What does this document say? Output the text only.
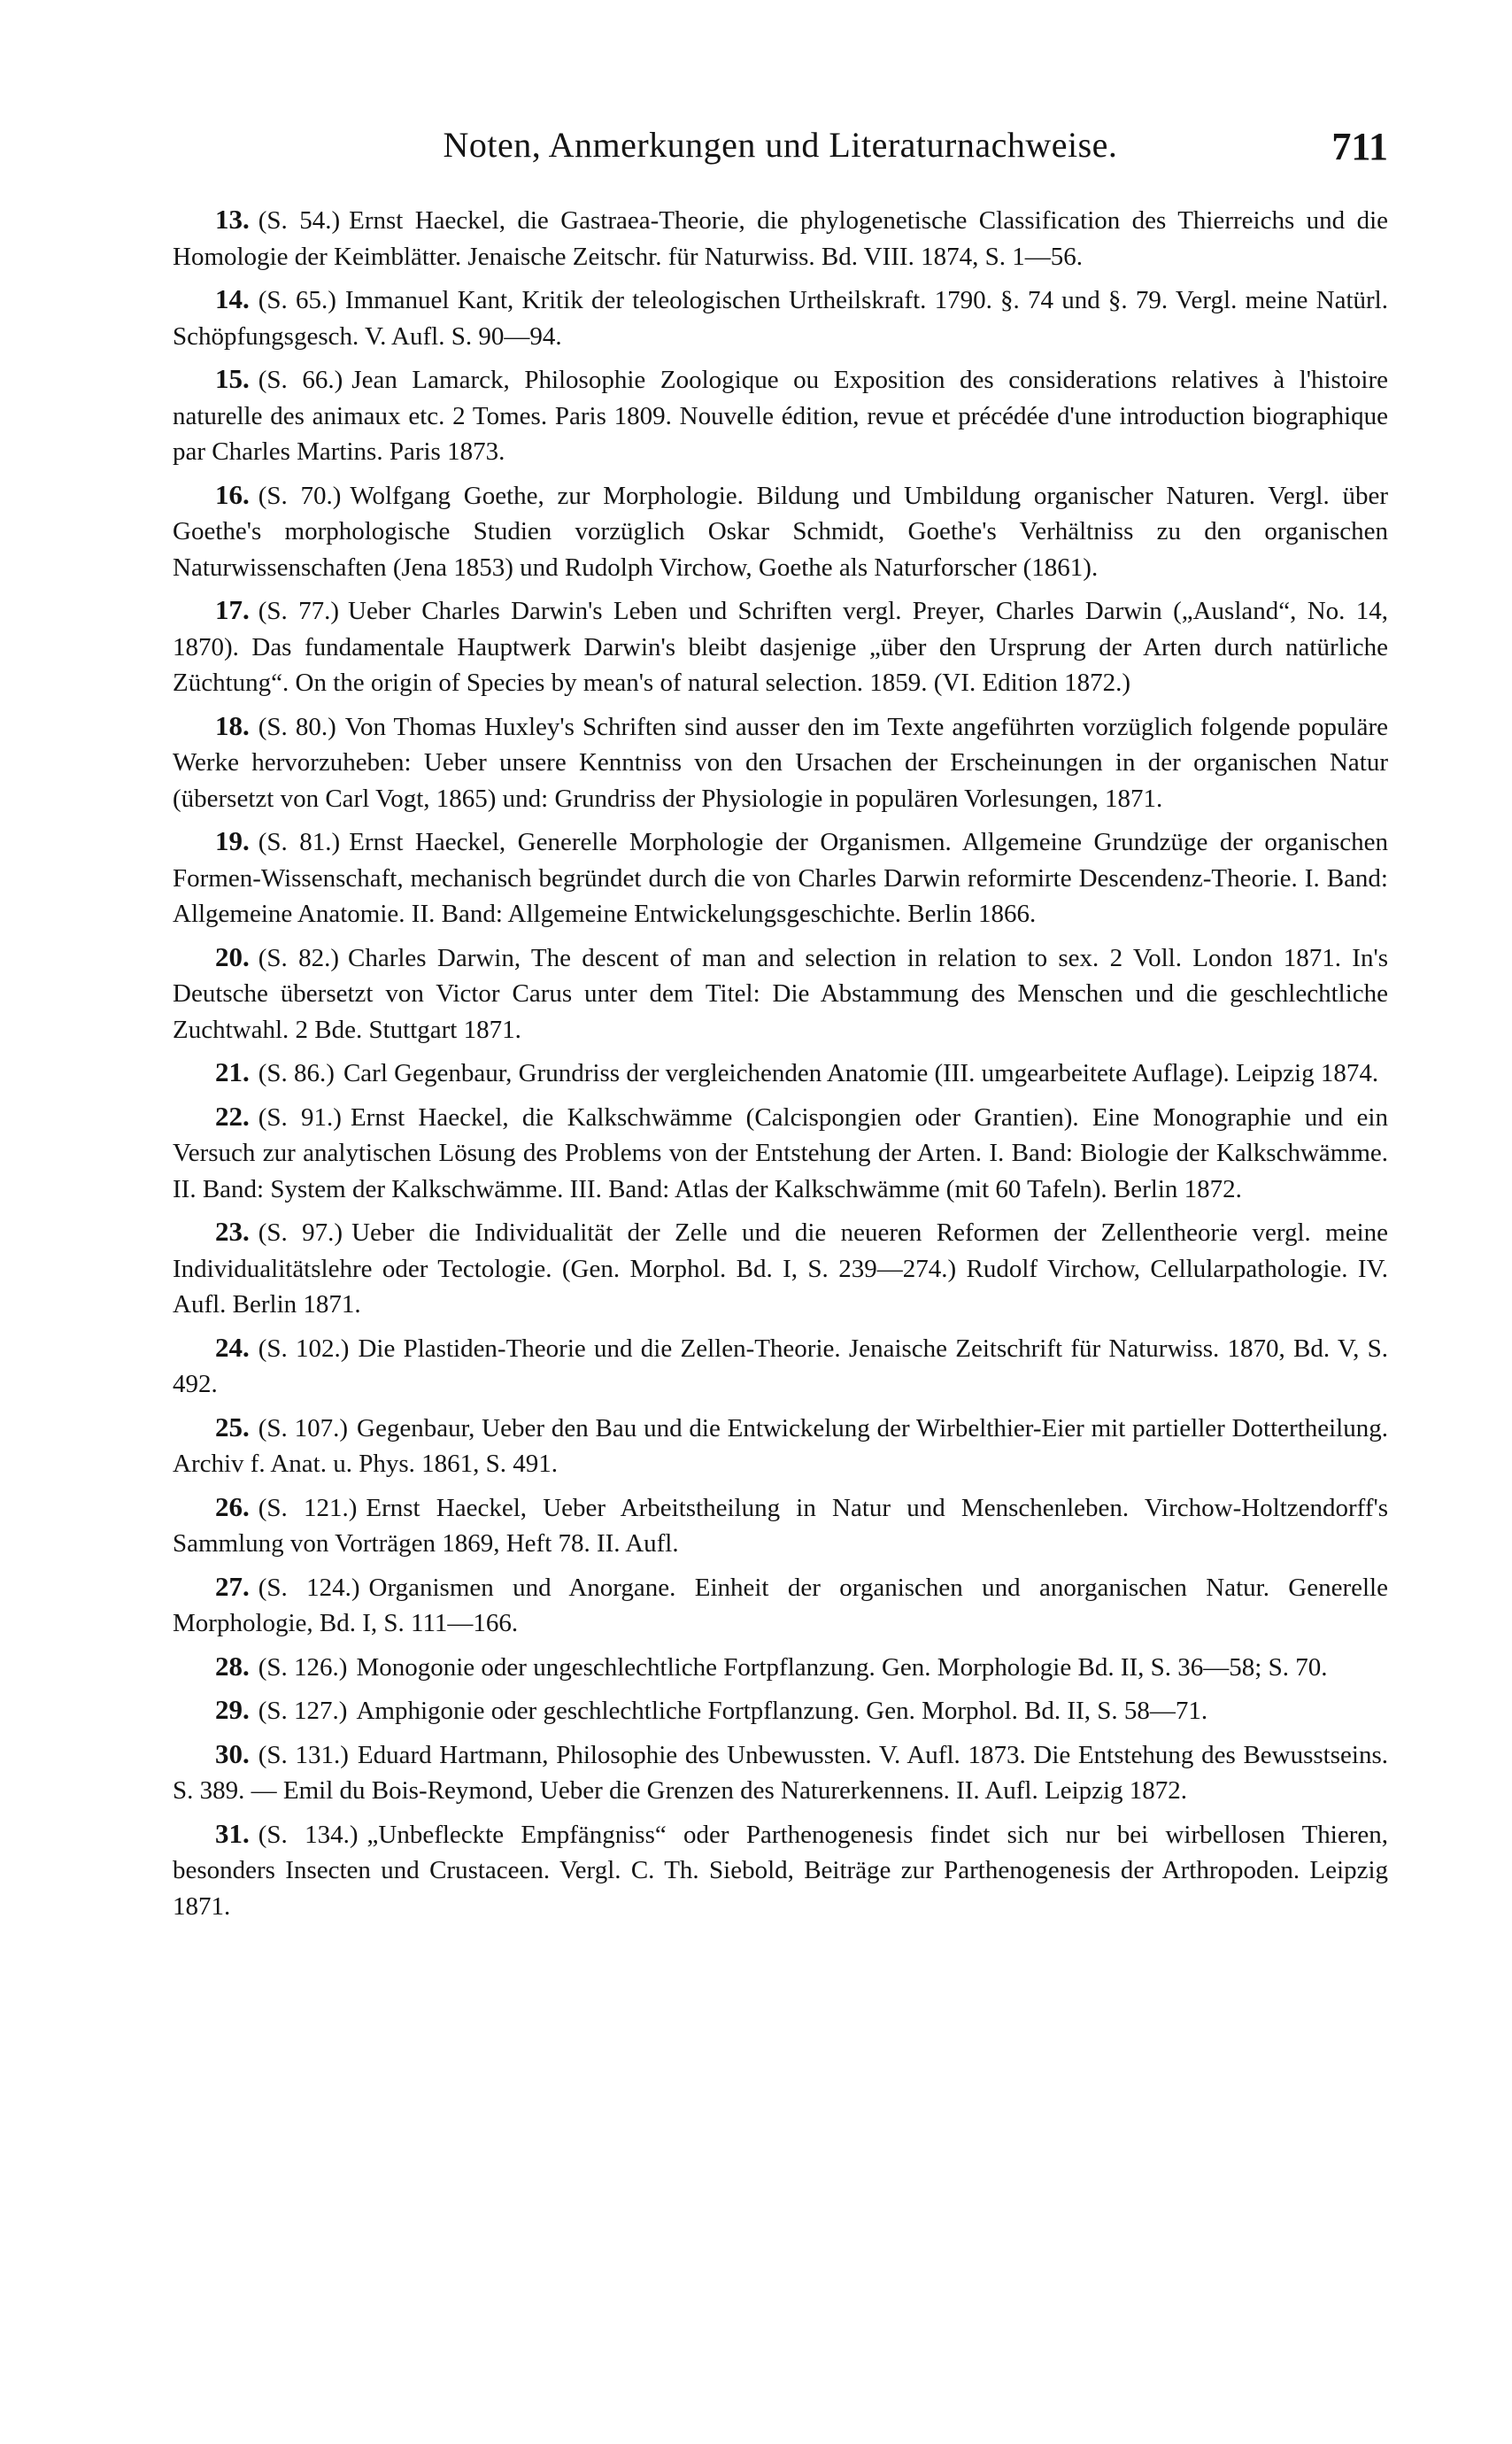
Noten, Anmerkungen und Literaturnachweise.	711

13. (S. 54.) Ernst Haeckel, die Gastraea-Theorie, die phylogenetische Classification des Thierreichs und die Homologie der Keimblätter. Jenaische Zeitschr. für Naturwiss. Bd. VIII. 1874, S. 1—56.

14. (S. 65.) Immanuel Kant, Kritik der teleologischen Urtheilskraft. 1790. §. 74 und §. 79. Vergl. meine Natürl. Schöpfungsgesch. V. Aufl. S. 90—94.

15. (S. 66.) Jean Lamarck, Philosophie Zoologique ou Exposition des considerations relatives à l'histoire naturelle des animaux etc. 2 Tomes. Paris 1809. Nouvelle édition, revue et précédée d'une introduction biographique par Charles Martins. Paris 1873.

16. (S. 70.) Wolfgang Goethe, zur Morphologie. Bildung und Umbildung organischer Naturen. Vergl. über Goethe's morphologische Studien vorzüglich Oskar Schmidt, Goethe's Verhältniss zu den organischen Naturwissenschaften (Jena 1853) und Rudolph Virchow, Goethe als Naturforscher (1861).

17. (S. 77.) Ueber Charles Darwin's Leben und Schriften vergl. Preyer, Charles Darwin („Ausland“, No. 14, 1870). Das fundamentale Hauptwerk Darwin's bleibt dasjenige „über den Ursprung der Arten durch natürliche Züchtung“. On the origin of Species by mean's of natural selection. 1859. (VI. Edition 1872.)

18. (S. 80.) Von Thomas Huxley's Schriften sind ausser den im Texte angeführten vorzüglich folgende populäre Werke hervorzuheben: Ueber unsere Kenntniss von den Ursachen der Erscheinungen in der organischen Natur (übersetzt von Carl Vogt, 1865) und: Grundriss der Physiologie in populären Vorlesungen, 1871.

19. (S. 81.) Ernst Haeckel, Generelle Morphologie der Organismen. Allgemeine Grundzüge der organischen Formen-Wissenschaft, mechanisch begründet durch die von Charles Darwin reformirte Descendenz-Theorie. I. Band: Allgemeine Anatomie. II. Band: Allgemeine Entwickelungsgeschichte. Berlin 1866.

20. (S. 82.) Charles Darwin, The descent of man and selection in relation to sex. 2 Voll. London 1871. In's Deutsche übersetzt von Victor Carus unter dem Titel: Die Abstammung des Menschen und die geschlechtliche Zuchtwahl. 2 Bde. Stuttgart 1871.

21. (S. 86.) Carl Gegenbaur, Grundriss der vergleichenden Anatomie (III. umgearbeitete Auflage). Leipzig 1874.

22. (S. 91.) Ernst Haeckel, die Kalkschwämme (Calcispongien oder Grantien). Eine Monographie und ein Versuch zur analytischen Lösung des Problems von der Entstehung der Arten. I. Band: Biologie der Kalkschwämme. II. Band: System der Kalkschwämme. III. Band: Atlas der Kalkschwämme (mit 60 Tafeln). Berlin 1872.

23. (S. 97.) Ueber die Individualität der Zelle und die neueren Reformen der Zellentheorie vergl. meine Individualitätslehre oder Tectologie. (Gen. Morphol. Bd. I, S. 239—274.) Rudolf Virchow, Cellularpathologie. IV. Aufl. Berlin 1871.

24. (S. 102.) Die Plastiden-Theorie und die Zellen-Theorie. Jenaische Zeitschrift für Naturwiss. 1870, Bd. V, S. 492.

25. (S. 107.) Gegenbaur, Ueber den Bau und die Entwickelung der Wirbelthier-Eier mit partieller Dottertheilung. Archiv f. Anat. u. Phys. 1861, S. 491.

26. (S. 121.) Ernst Haeckel, Ueber Arbeitstheilung in Natur und Menschenleben. Virchow-Holtzendorff's Sammlung von Vorträgen 1869, Heft 78. II. Aufl.

27. (S. 124.) Organismen und Anorgane. Einheit der organischen und anorganischen Natur. Generelle Morphologie, Bd. I, S. 111—166.

28. (S. 126.) Monogonie oder ungeschlechtliche Fortpflanzung. Gen. Morphologie Bd. II, S. 36—58; S. 70.

29. (S. 127.) Amphigonie oder geschlechtliche Fortpflanzung. Gen. Morphol. Bd. II, S. 58—71.

30. (S. 131.) Eduard Hartmann, Philosophie des Unbewussten. V. Aufl. 1873. Die Entstehung des Bewusstseins. S. 389. — Emil du Bois-Reymond, Ueber die Grenzen des Naturerkennens. II. Aufl. Leipzig 1872.

31. (S. 134.) „Unbefleckte Empfängniss“ oder Parthenogenesis findet sich nur bei wirbellosen Thieren, besonders Insecten und Crustaceen. Vergl. C. Th. Siebold, Beiträge zur Parthenogenesis der Arthropoden. Leipzig 1871.
